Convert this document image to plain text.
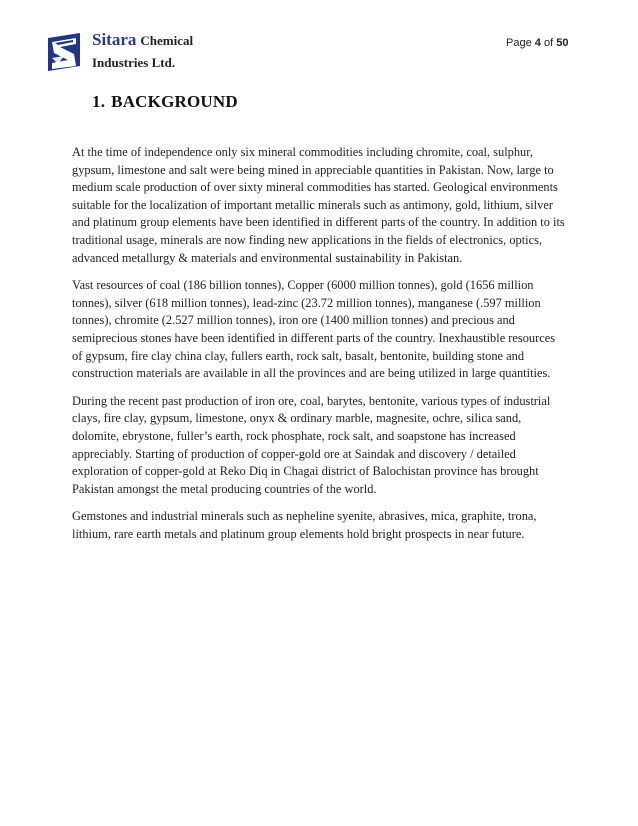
Sitara Chemical
Industries Ltd.
Page 4 of 50
1. BACKGROUND

At the time of independence only six mineral commodities including chromite, coal, sulphur, gypsum, limestone and salt were being mined in appreciable quantities in Pakistan. Now, large to medium scale production of over sixty mineral commodities has started. Geological environments suitable for the localization of important metallic minerals such as antimony, gold, lithium, silver and platinum group elements have been identified in different parts of the country. In addition to its traditional usage, minerals are now finding new applications in the fields of electronics, optics, advanced metallurgy & materials and environmental sustainability in Pakistan.

Vast resources of coal (186 billion tonnes), Copper (6000 million tonnes), gold (1656 million tonnes), silver (618 million tonnes), lead-zinc (23.72 million tonnes), manganese (.597 million tonnes), chromite (2.527 million tonnes), iron ore (1400 million tonnes) and precious and semiprecious stones have been identified in different parts of the country. Inexhaustible resources of gypsum, fire clay china clay, fullers earth, rock salt, basalt, bentonite, building stone and construction materials are available in all the provinces and are being utilized in large quantities.

During the recent past production of iron ore, coal, barytes, bentonite, various types of industrial clays, fire clay, gypsum, limestone, onyx & ordinary marble, magnesite, ochre, silica sand, dolomite, ebrystone, fuller’s earth, rock phosphate, rock salt, and soapstone has increased appreciably. Starting of production of copper-gold ore at Saindak and discovery / detailed exploration of copper-gold at Reko Diq in Chagai district of Balochistan province has brought Pakistan amongst the metal producing countries of the world.

Gemstones and industrial minerals such as nepheline syenite, abrasives, mica, graphite, trona, lithium, rare earth metals and platinum group elements hold bright prospects in near future.
